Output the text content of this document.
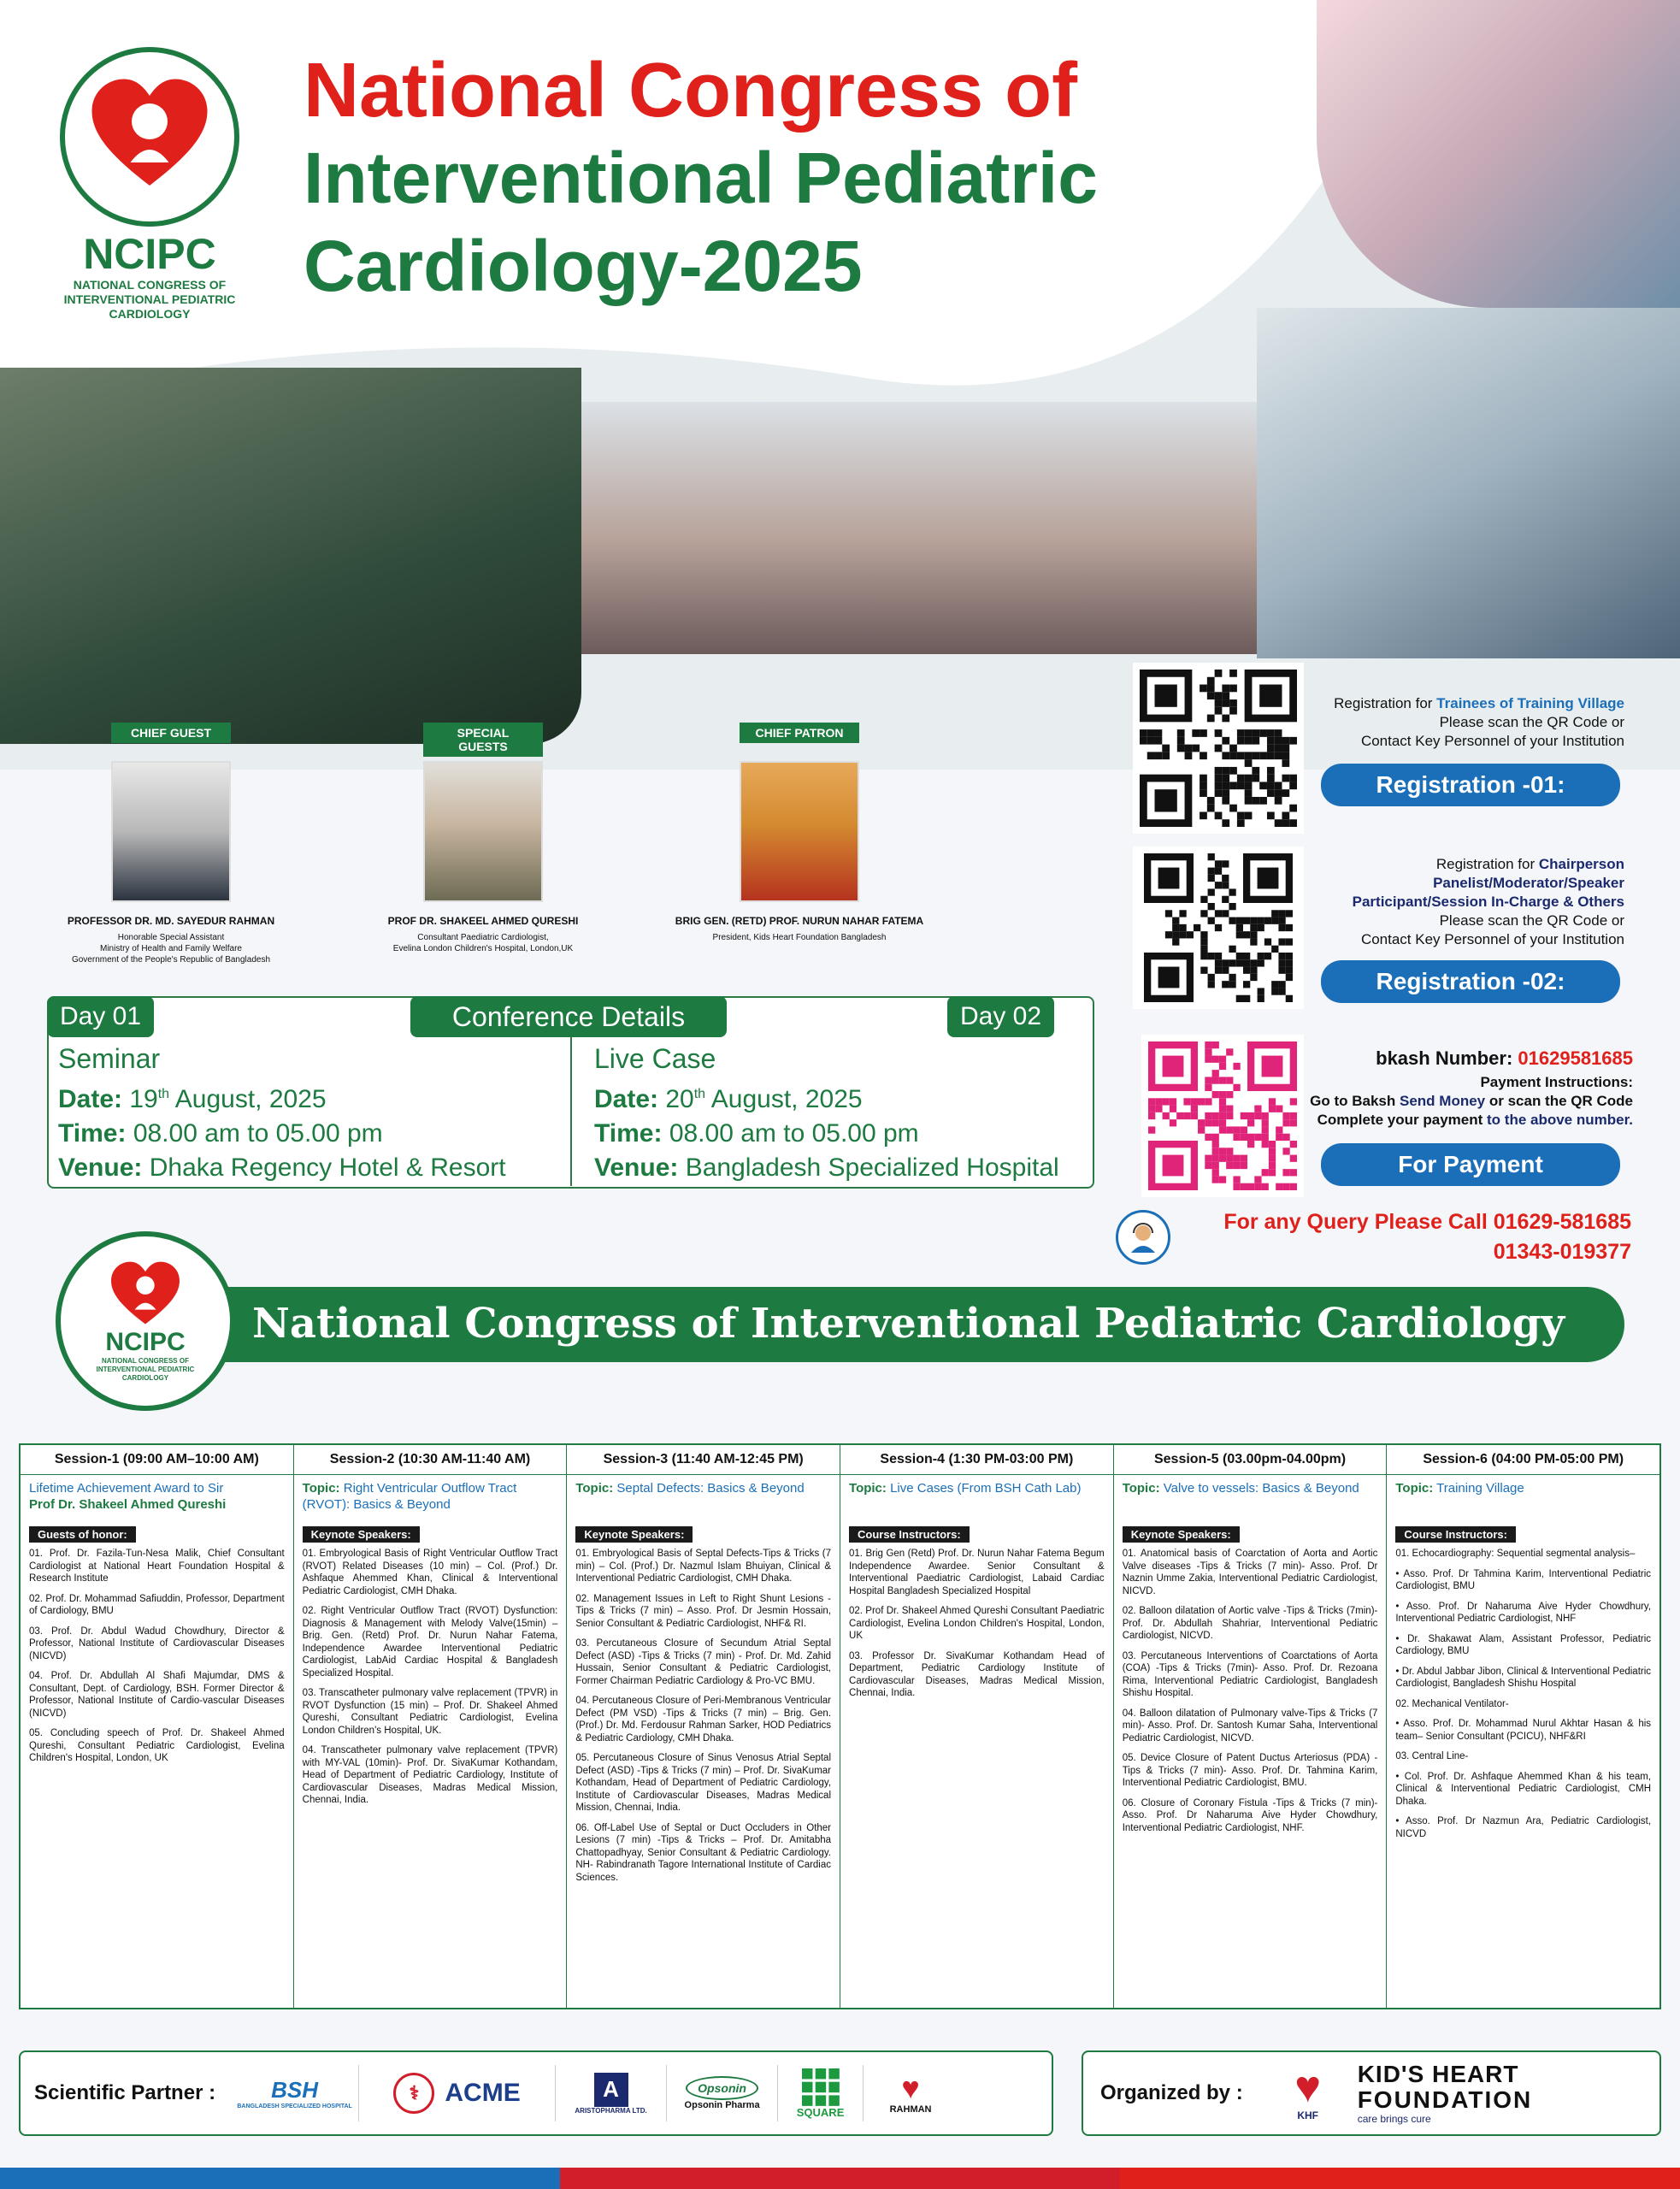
NCIPC
NATIONAL CONGRESS OF INTERVENTIONAL PEDIATRIC CARDIOLOGY
National Congress of
Interventional Pediatric
Cardiology-2025
CHIEF GUEST
PROFESSOR DR. MD. SAYEDUR RAHMAN
Honorable Special Assistant
Ministry of Health and Family Welfare
Government of the People's Republic of Bangladesh
SPECIAL GUESTS
PROF DR. SHAKEEL AHMED QURESHI
Consultant Paediatric Cardiologist,
Evelina London Children's Hospital, London,UK
CHIEF PATRON
BRIG GEN. (RETD) PROF. NURUN NAHAR FATEMA
President, Kids Heart Foundation Bangladesh
Day 01	Conference Details	Day 02
Seminar
Date: 19th August, 2025
Time: 08.00 am to 05.00 pm
Venue: Dhaka Regency Hotel & Resort
Live Case
Date: 20th August, 2025
Time: 08.00 am to 05.00 pm
Venue: Bangladesh Specialized Hospital
Registration for Trainees of Training Village
Please scan the QR Code or
Contact Key Personnel of your Institution
Registration -01:
Registration for Chairperson
Panelist/Moderator/Speaker
Participant/Session In-Charge & Others
Please scan the QR Code or
Contact Key Personnel of your Institution
Registration -02:
bkash Number: 01629581685
Payment Instructions:
Go to Baksh Send Money or scan the QR Code
Complete your payment to the above number.
For Payment
For any Query Please Call 01629-581685
01343-019377
NCIPC
NATIONAL CONGRESS OF INTERVENTIONAL PEDIATRIC CARDIOLOGY
National Congress of Interventional Pediatric Cardiology
Session-1 (09:00 AM–10:00 AM)
Lifetime Achievement Award to Sir
Prof Dr. Shakeel Ahmed Qureshi
Guests of honor:

01. Prof. Dr. Fazila-Tun-Nesa Malik, Chief Consultant Cardiologist at National Heart Foundation Hospital & Research Institute

02. Prof. Dr. Mohammad Safiuddin, Professor, Department of Cardiology, BMU

03. Prof. Dr. Abdul Wadud Chowdhury, Director & Professor, National Institute of Cardiovascular Diseases (NICVD)

04. Prof. Dr. Abdullah Al Shafi Majumdar, DMS & Consultant, Dept. of Cardiology, BSH. Former Director & Professor, National Institute of Cardio-vascular Diseases (NICVD)

05. Concluding speech of Prof. Dr. Shakeel Ahmed Qureshi, Consultant Pediatric Cardiologist, Evelina Children's Hospital, London, UK

Session-2 (10:30 AM-11:40 AM)
Topic: Right Ventricular Outflow Tract (RVOT): Basics & Beyond
Keynote Speakers:

01. Embryological Basis of Right Ventricular Outflow Tract (RVOT) Related Diseases (10 min) – Col. (Prof.) Dr. Ashfaque Ahemmed Khan, Clinical & Interventional Pediatric Cardiologist, CMH Dhaka.

02. Right Ventricular Outflow Tract (RVOT) Dysfunction: Diagnosis & Management with Melody Valve(15min) – Brig. Gen. (Retd) Prof. Dr. Nurun Nahar Fatema, Independence Awardee Interventional Pediatric Cardiologist, LabAid Cardiac Hospital & Bangladesh Specialized Hospital.

03. Transcatheter pulmonary valve replacement (TPVR) in RVOT Dysfunction (15 min) – Prof. Dr. Shakeel Ahmed Qureshi, Consultant Pediatric Cardiologist, Evelina London Children's Hospital, UK.

04. Transcatheter pulmonary valve replacement (TPVR) with MY-VAL (10min)- Prof. Dr. SivaKumar Kothandam, Head of Department of Pediatric Cardiology, Institute of Cardiovascular Diseases, Madras Medical Mission, Chennai, India.

Session-3 (11:40 AM-12:45 PM)
Topic: Septal Defects: Basics & Beyond
Keynote Speakers:

01. Embryological Basis of Septal Defects-Tips & Tricks (7 min) – Col. (Prof.) Dr. Nazmul Islam Bhuiyan, Clinical & Interventional Pediatric Cardiologist, CMH Dhaka.

02. Management Issues in Left to Right Shunt Lesions -Tips & Tricks (7 min) – Asso. Prof. Dr Jesmin Hossain, Senior Consultant & Pediatric Cardiologist, NHF& RI.

03. Percutaneous Closure of Secundum Atrial Septal Defect (ASD) -Tips & Tricks (7 min) - Prof. Dr. Md. Zahid Hussain, Senior Consultant & Pediatric Cardiologist, Former Chairman Pediatric Cardiology & Pro-VC BMU.

04. Percutaneous Closure of Peri-Membranous Ventricular Defect (PM VSD) -Tips & Tricks (7 min) – Brig. Gen. (Prof.) Dr. Md. Ferdousur Rahman Sarker, HOD Pediatrics & Pediatric Cardiology, CMH Dhaka.

05. Percutaneous Closure of Sinus Venosus Atrial Septal Defect (ASD) -Tips & Tricks (7 min) – Prof. Dr. SivaKumar Kothandam, Head of Department of Pediatric Cardiology, Institute of Cardiovascular Diseases, Madras Medical Mission, Chennai, India.

06. Off-Label Use of Septal or Duct Occluders in Other Lesions (7 min) -Tips & Tricks – Prof. Dr. Amitabha Chattopadhyay, Senior Consultant & Pediatric Cardiology. NH- Rabindranath Tagore International Institute of Cardiac Sciences.

Session-4 (1:30 PM-03:00 PM)
Topic: Live Cases (From BSH Cath Lab)
Course Instructors:

01. Brig Gen (Retd) Prof. Dr. Nurun Nahar Fatema Begum Independence Awardee. Senior Consultant & Interventional Paediatric Cardiologist, Labaid Cardiac Hospital Bangladesh Specialized Hospital

02. Prof Dr. Shakeel Ahmed Qureshi Consultant Paediatric Cardiologist, Evelina London Children's Hospital, London, UK

03. Professor Dr. SivaKumar Kothandam Head of Department, Pediatric Cardiology Institute of Cardiovascular Diseases, Madras Medical Mission, Chennai, India.

Session-5 (03.00pm-04.00pm)
Topic: Valve to vessels: Basics & Beyond
Keynote Speakers:

01. Anatomical basis of Coarctation of Aorta and Aortic Valve diseases -Tips & Tricks (7 min)- Asso. Prof. Dr Naznin Umme Zakia, Interventional Pediatric Cardiologist, NICVD.

02. Balloon dilatation of Aortic valve -Tips & Tricks (7min)- Prof. Dr. Abdullah Shahriar, Interventional Pediatric Cardiologist, NICVD.

03. Percutaneous Interventions of Coarctations of Aorta (COA) -Tips & Tricks (7min)- Asso. Prof. Dr. Rezoana Rima, Interventional Pediatric Cardiologist, Bangladesh Shishu Hospital.

04. Balloon dilatation of Pulmonary valve-Tips & Tricks (7 min)- Asso. Prof. Dr. Santosh Kumar Saha, Interventional Pediatric Cardiologist, NICVD.

05. Device Closure of Patent Ductus Arteriosus (PDA) -Tips & Tricks (7 min)- Asso. Prof. Dr. Tahmina Karim, Interventional Pediatric Cardiologist, BMU.

06. Closure of Coronary Fistula -Tips & Tricks (7 min)- Asso. Prof. Dr Naharuma Aive Hyder Chowdhury, Interventional Pediatric Cardiologist, NHF.

Session-6 (04:00 PM-05:00 PM)
Topic: Training Village
Course Instructors:

01. Echocardiography: Sequential segmental analysis–

• Asso. Prof. Dr Tahmina Karim, Interventional Pediatric Cardiologist, BMU

• Asso. Prof. Dr Naharuma Aive Hyder Chowdhury, Interventional Pediatric Cardiologist, NHF

• Dr. Shakawat Alam, Assistant Professor, Pediatric Cardiology, BMU

• Dr. Abdul Jabbar Jibon, Clinical & Interventional Pediatric Cardiologist, Bangladesh Shishu Hospital

02. Mechanical Ventilator-

• Asso. Prof. Dr. Mohammad Nurul Akhtar Hasan & his team– Senior Consultant (PCICU), NHF&RI

03. Central Line-

• Col. Prof. Dr. Ashfaque Ahemmed Khan & his team, Clinical & Interventional Pediatric Cardiologist, CMH Dhaka.

• Asso. Prof. Dr Nazmun Ara, Pediatric Cardiologist, NICVD

Scientific Partner :	BSH
BANGLADESH SPECIALIZED HOSPITAL
⚕	ACME	A
ARISTOPHARMA LTD.
Opsonin
Opsonin Pharma
SQUARE
♥
RAHMAN
Organized by :	♥
KHF
KID'S HEART
FOUNDATION
care brings cure
